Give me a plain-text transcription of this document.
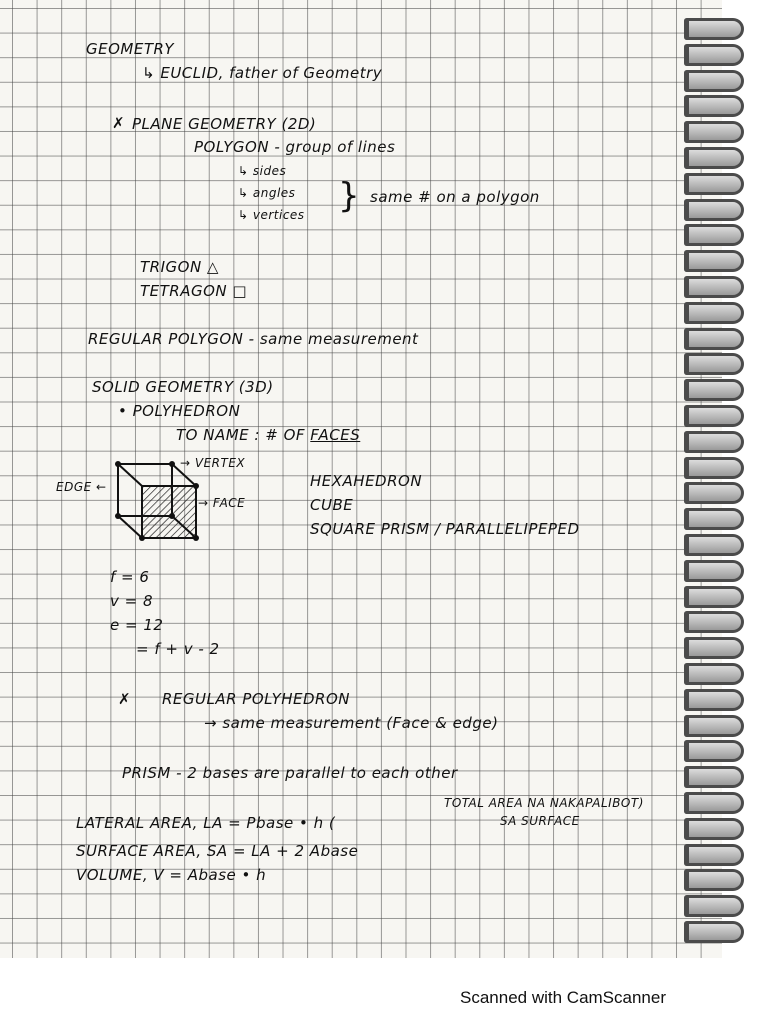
GEOMETRY
↳ EUCLID, father of Geometry
✗ PLANE GEOMETRY (2D)
POLYGON - group of lines
↳ sides
↳ angles
↳ vertices } same # on a polygon
TRIGON △
TETRAGON □
REGULAR POLYGON - same measurement
SOLID GEOMETRY (3D)
• POLYHEDRON
TO NAME : # OF FACES
→ VERTEX
EDGE ←
→ FACE
HEXAHEDRON
CUBE
SQUARE PRISM / PARALLELIPEPED
f = 6
v = 8
e = 12
= f + v - 2
✗ REGULAR POLYHEDRON
→ same measurement (Face & edge)
PRISM - 2 bases are parallel to each other
LATERAL AREA, LA = Pbase • h (
TOTAL AREA NA NAKAPALIBOT)
SA SURFACE
SURFACE AREA, SA = LA + 2 Abase
VOLUME, V = Abase • h
Scanned with CamScanner
